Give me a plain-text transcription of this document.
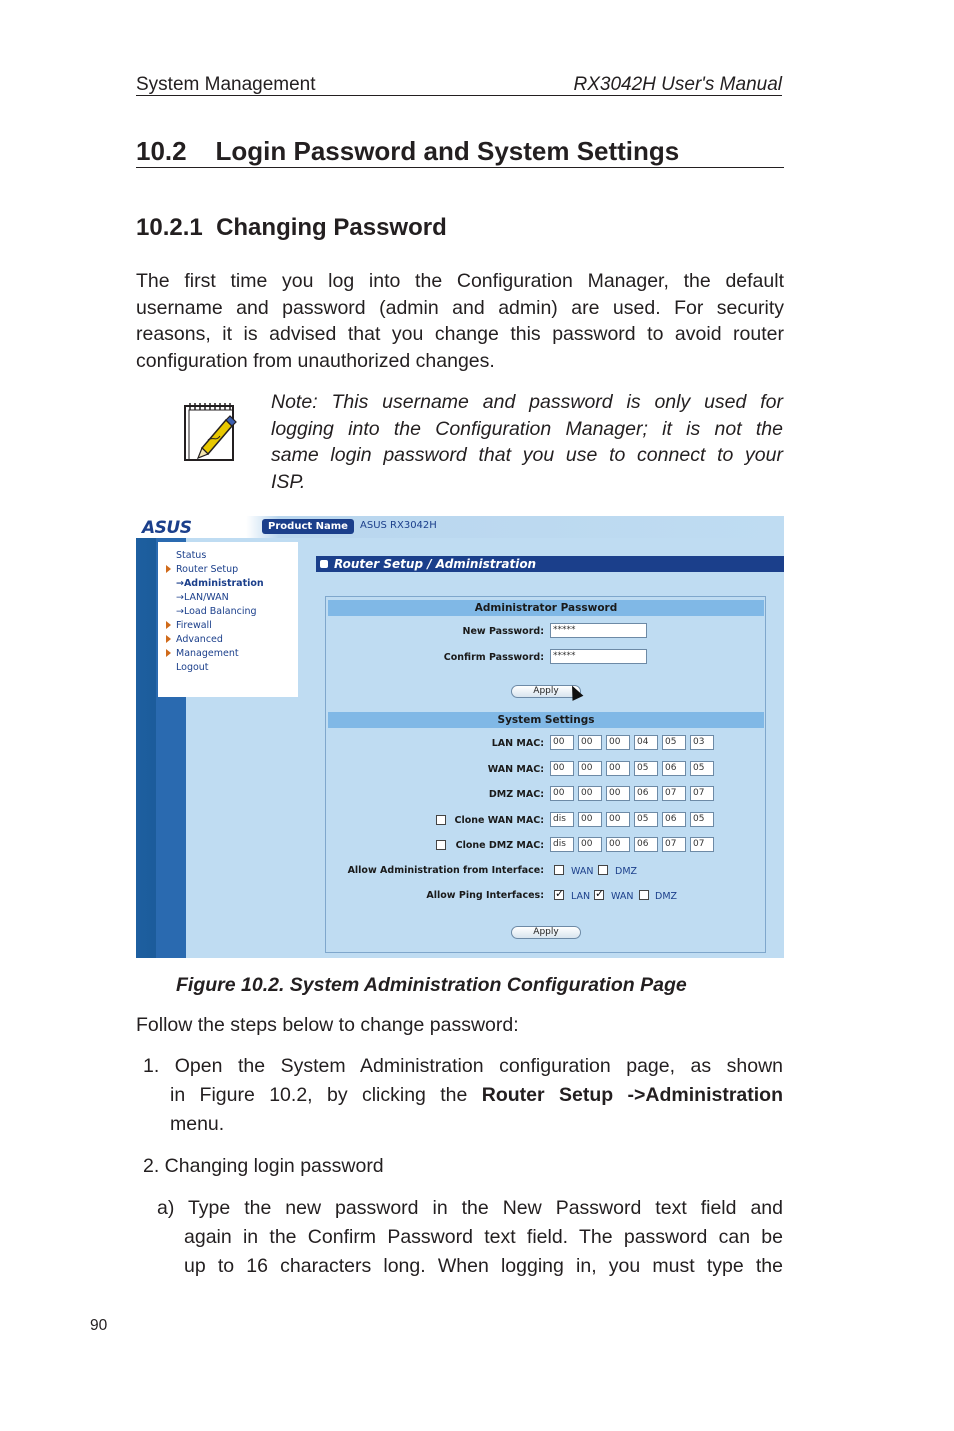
System Management	RX3042H User's Manual
10.2    Login Password and System Settings
10.2.1  Changing Password
The first time you log into the Configuration Manager, the default
username and password (admin and admin) are used. For security
reasons, it is advised that you change this password to avoid router
configuration from unauthorized changes.
Note: This username and password is only used for
logging into the Configuration Manager; it is not the
same login password that you use to connect to your
ISP.
ASUS	Product Name	ASUS RX3042H
Status
Router Setup
→Administration
→LAN/WAN
→Load Balancing
Firewall
Advanced
Management
Logout
Router Setup / Administration
Administrator Password
New Password:	*****
Confirm Password:	*****
Apply
System Settings
LAN MAC:	00	00	00	04	05	03
WAN MAC:	00	00	00	05	06	05
DMZ MAC:	00	00	00	06	07	07
Clone WAN MAC:	dis	00	00	05	06	05
Clone DMZ MAC:	dis	00	00	06	07	07
Allow Administration from Interface:	WAN DMZ
Allow Ping Interfaces: ✓	LAN ✓ WAN DMZ
Apply
Figure 10.2. System Administration Configuration Page
Follow the steps below to change password:
1. Open the System Administration configuration page, as shown
in Figure 10.2, by clicking the Router Setup ->Administration
menu.
2. Changing login password
a) Type the new password in the New Password text field and
again in the Confirm Password text field. The password can be
up to 16 characters long. When logging in, you must type the
90
